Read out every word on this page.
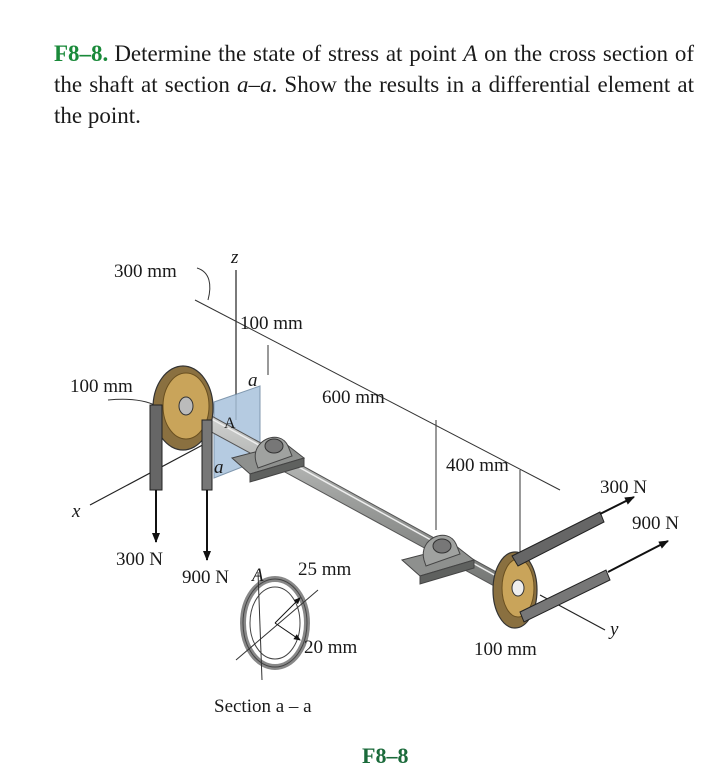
F8–8. Determine the state of stress at point A on the cross section of the shaft at section a–a. Show the results in a differential element at the point.
300 mm
z
100 mm
100 mm	a
600 mm
A
a	400 mm
x
300 N
900 N
300 N
900 N A 25 mm
20 mm	100 mm
y
Section a – a
F8–8
